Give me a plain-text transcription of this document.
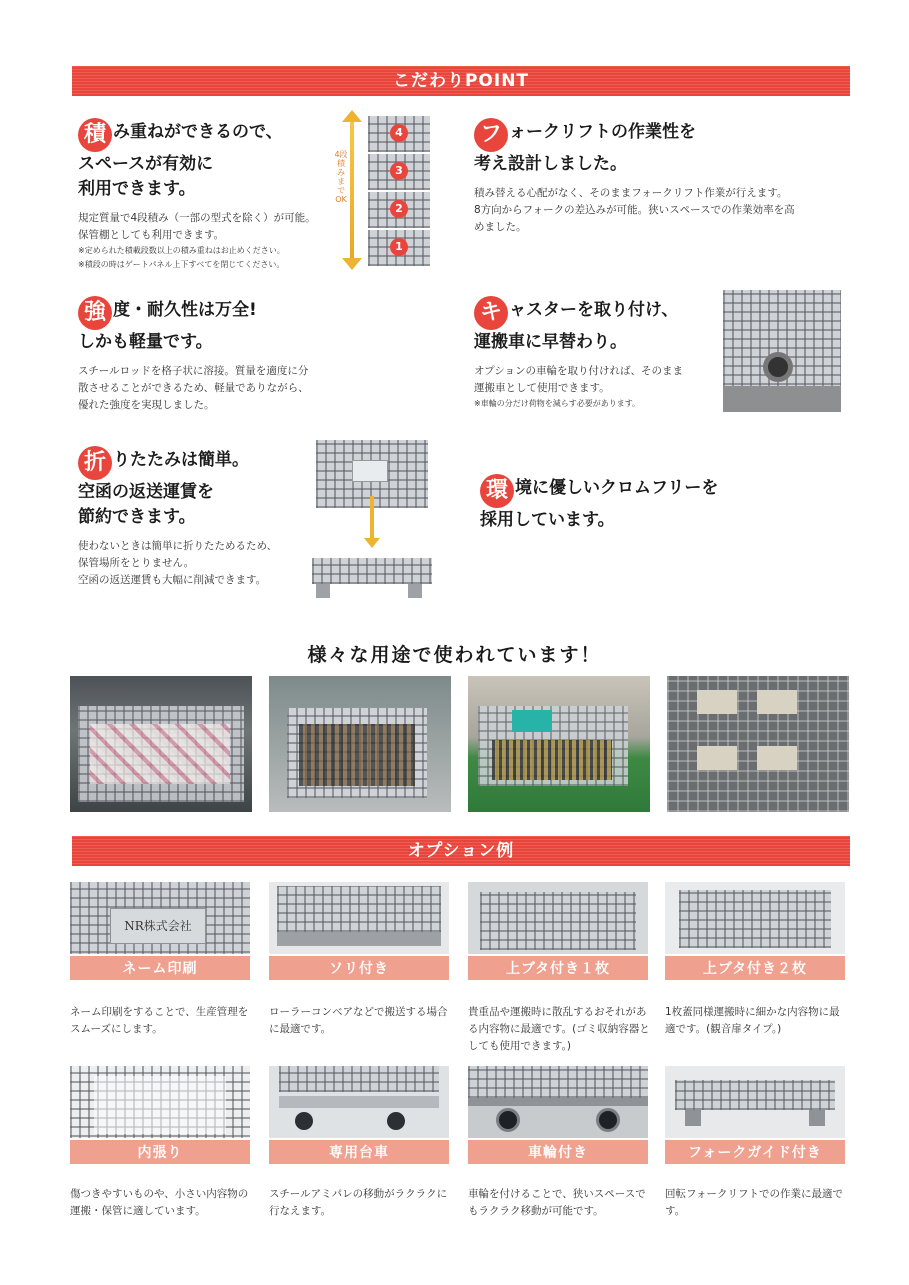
こだわりPOINT
積 み重ねができるので、
スペースが有効に
利用できます。
規定質量で4段積み（一部の型式を除く）が可能。
保管棚としても利用できます。
※定められた積載段数以上の積み重ねはお止めください。
※積段の時はゲートパネル上下すべてを閉じてください。
4段積みまでOK
4
3
2
1
フ ォークリフトの作業性を
考え設計しました。
積み替える心配がなく、そのままフォークリフト作業が行えます。
8方向からフォークの差込みが可能。狭いスペースでの作業効率を高
めました。
強 度・耐久性は万全!
しかも軽量です。
スチールロッドを格子状に溶接。質量を適度に分
散させることができるため、軽量でありながら、
優れた強度を実現しました。
キ ャスターを取り付け、
運搬車に早替わり。
オプションの車輪を取り付ければ、そのまま
運搬車として使用できます。
※車輪の分だけ荷物を減らす必要があります。
折 りたたみは簡単。
空函の返送運賃を
節約できます。
使わないときは簡単に折りたためるため、
保管場所をとりません。
空函の返送運賃も大幅に削減できます。
環 境に優しいクロムフリーを
採用しています。
様々な用途で使われています！
オプション例
NR株式会社
ネーム印刷	ソリ付き	上ブタ付き１枚	上ブタ付き２枚
ネーム印刷をすることで、生産管理をスムーズにします。
ローラーコンベアなどで搬送する場合に最適です。
貴重品や運搬時に散乱するおそれがある内容物に最適です。(ゴミ収納容器としても使用できます。)
1枚蓋同様運搬時に細かな内容物に最適です。(観音扉タイプ。)
内張り	専用台車	車輪付き	フォークガイド付き
傷つきやすいものや、小さい内容物の運搬・保管に適しています。
スチールアミパレの移動がラクラクに行なえます。
車輪を付けることで、狭いスペースでもラクラク移動が可能です。
回転フォークリフトでの作業に最適です。
